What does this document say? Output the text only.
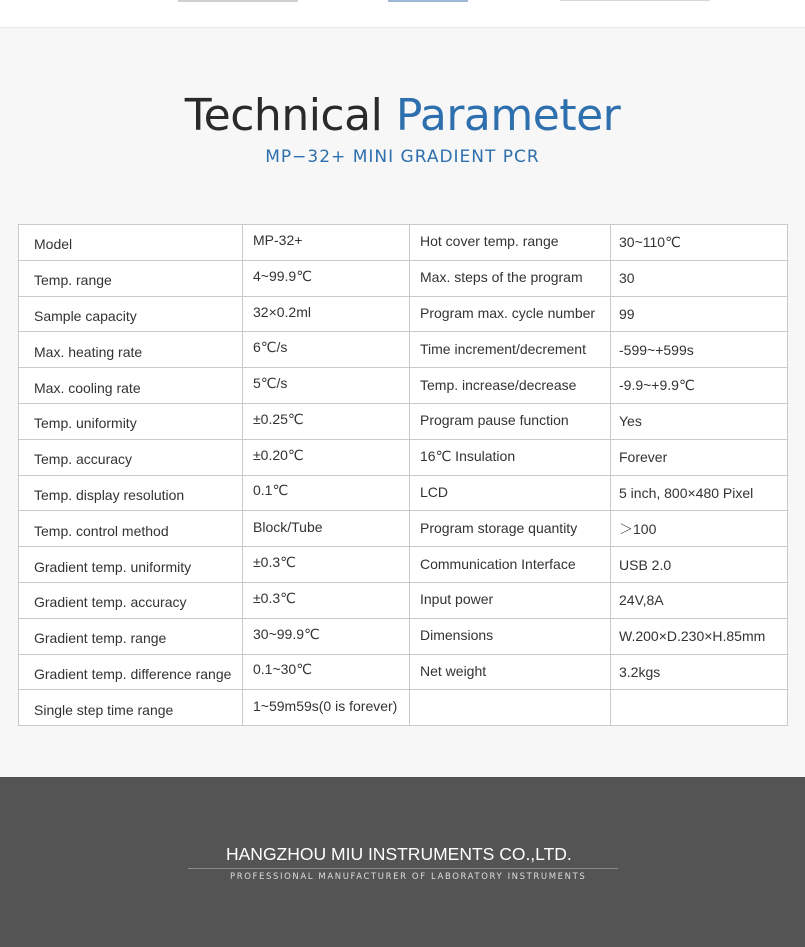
Technical Parameter
MP−32+ MINI GRADIENT PCR
Model	MP-32+	Hot cover temp. range	30~110℃
Temp. range	4~99.9℃	Max. steps of the program	30
Sample capacity	32×0.2ml	Program max. cycle number	99
Max. heating rate	6℃/s	Time increment/decrement	-599~+599s
Max. cooling rate	5℃/s	Temp. increase/decrease	-9.9~+9.9℃
Temp. uniformity	±0.25℃	Program pause function	Yes
Temp. accuracy	±0.20℃	16℃ Insulation	Forever
Temp. display resolution	0.1℃	LCD	5 inch, 800×480 Pixel
Temp. control method	Block/Tube	Program storage quantity	＞100
Gradient temp. uniformity	±0.3℃	Communication Interface	USB 2.0
Gradient temp. accuracy	±0.3℃	Input power	24V,8A
Gradient temp. range	30~99.9℃	Dimensions	W.200×D.230×H.85mm
Gradient temp. difference range	0.1~30℃	Net weight	3.2kgs
Single step time range	1~59m59s(0 is forever)		
HANGZHOU MIU INSTRUMENTS CO.,LTD.
PROFESSIONAL MANUFACTURER OF LABORATORY INSTRUMENTS
